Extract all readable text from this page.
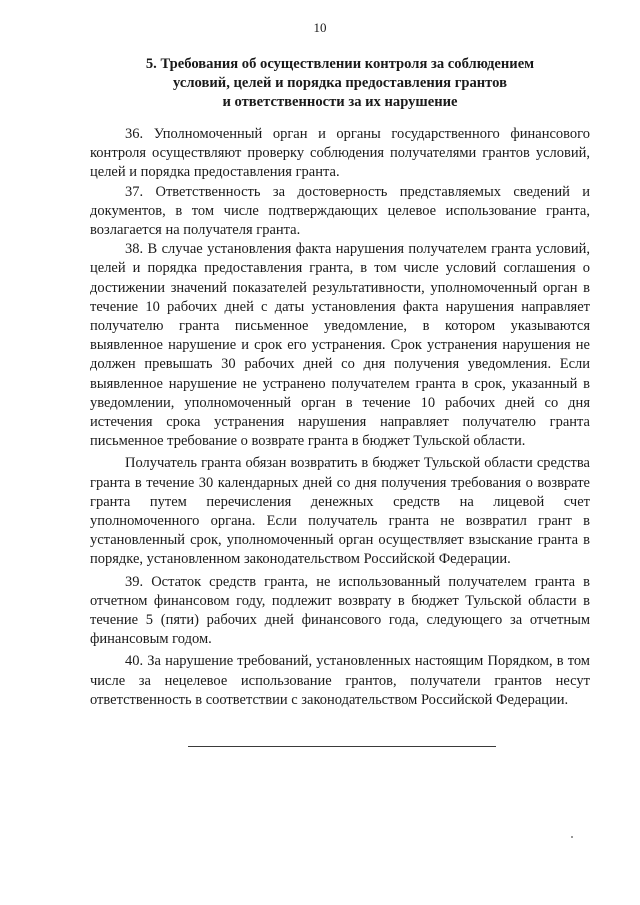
10
5. Требования об осуществлении контроля за соблюдением
условий, целей и порядка предоставления грантов
и ответственности за их нарушение

36. Уполномоченный орган и органы государственного финансового контроля осуществляют проверку соблюдения получателями грантов условий, целей и порядка предоставления гранта.

37. Ответственность за достоверность представляемых сведений и документов, в том числе подтверждающих целевое использование гранта, возлагается на получателя гранта.

38. В случае установления факта нарушения получателем гранта условий, целей и порядка предоставления гранта, в том числе условий соглашения о достижении значений показателей результативности, уполномоченный орган в течение 10 рабочих дней с даты установления факта нарушения направляет получателю гранта письменное уведомление, в котором указываются выявленное нарушение и срок его устранения. Срок устранения нарушения не должен превышать 30 рабочих дней со дня получения уведомления. Если выявленное нарушение не устранено получателем гранта в срок, указанный в уведомлении, уполномоченный орган в течение 10 рабочих дней со дня истечения срока устранения нарушения направляет получателю гранта письменное требование о возврате гранта в бюджет Тульской области.

Получатель гранта обязан возвратить в бюджет Тульской области средства гранта в течение 30 календарных дней со дня получения требования о возврате гранта путем перечисления денежных средств на лицевой счет уполномоченного органа. Если получатель гранта не возвратил грант в установленный срок, уполномоченный орган осуществляет взыскание гранта в порядке, установленном законодательством Российской Федерации.

39. Остаток средств гранта, не использованный получателем гранта в отчетном финансовом году, подлежит возврату в бюджет Тульской области в течение 5 (пяти) рабочих дней финансового года, следующего за отчетным финансовым годом.

40. За нарушение требований, установленных настоящим Порядком, в том числе за нецелевое использование грантов, получатели грантов несут ответственность в соответствии с законодательством Российской Федерации.
